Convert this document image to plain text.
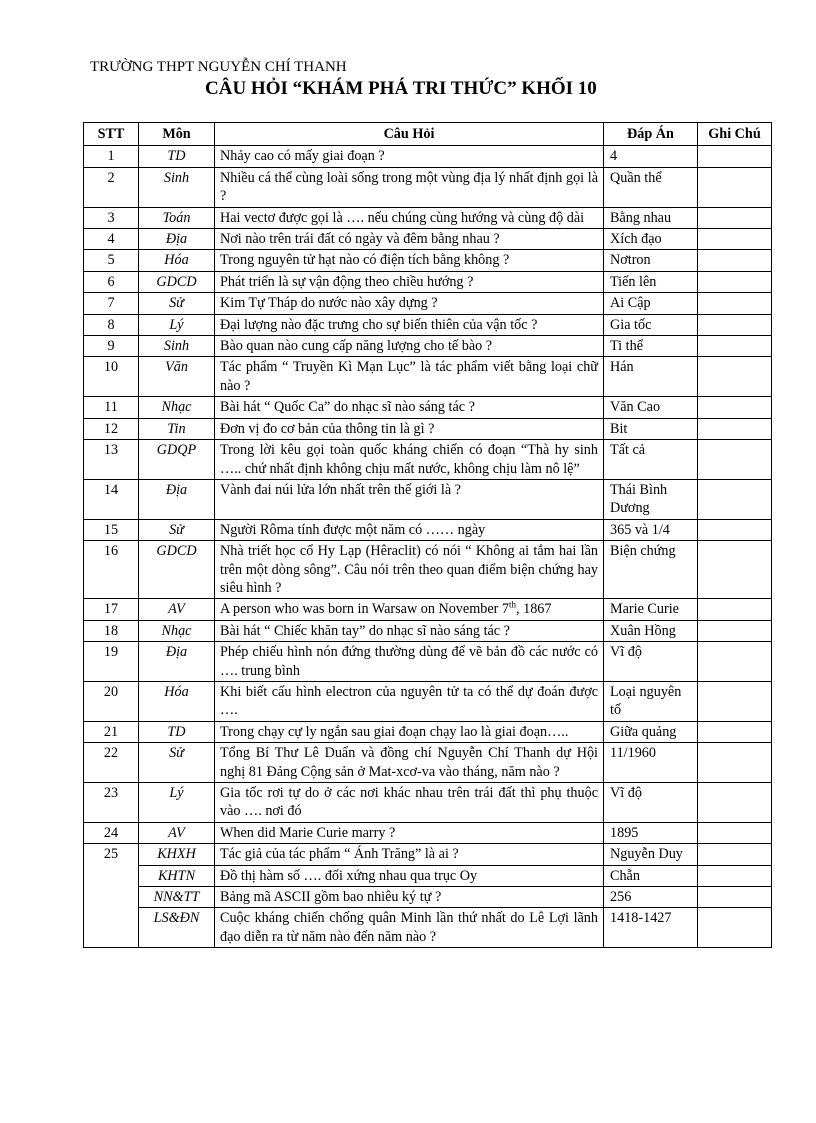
TRƯỜNG THPT NGUYỄN CHÍ THANH
CÂU HỎI “KHÁM PHÁ TRI THỨC” KHỐI 10
STT	Môn	Câu Hỏi	Đáp Án	Ghi Chú
1	TD	Nhảy cao có mấy giai đoạn ?	4	
2	Sinh	Nhiều cá thể cùng loài sống trong một vùng địa lý nhất định gọi là ?	Quần thể	
3	Toán	Hai vectơ được gọi là …. nếu chúng cùng hướng và cùng độ dài	Bằng nhau	
4	Địa	Nơi nào trên trái đất có ngày và đêm bằng nhau ?	Xích đạo	
5	Hóa	Trong nguyên tử hạt nào có điện tích bằng không ?	Nơtron	
6	GDCD	Phát triển là sự vận động theo chiều hướng ?	Tiến lên	
7	Sử	Kim Tự Tháp do nước nào xây dựng ?	Ai Cập	
8	Lý	Đại lượng nào đặc trưng cho sự biến thiên của vận tốc ?	Gia tốc	
9	Sinh	Bào quan nào cung cấp năng lượng cho tế bào ?	Ti thể	
10	Văn	Tác phẩm “ Truyền Kì Mạn Lục” là tác phẩm viết bằng loại chữ nào ?	Hán	
11	Nhạc	Bài hát “ Quốc Ca” do nhạc sĩ nào sáng tác ?	Văn Cao	
12	Tin	Đơn vị đo cơ bản của thông tin là gì ?	Bit	
13	GDQP	Trong lời kêu gọi toàn quốc kháng chiến có đoạn “Thà hy sinh ….. chứ nhất định không chịu mất nước, không chịu làm nô lệ”	Tất cả	
14	Địa	Vành đai núi lửa lớn nhất trên thế giới là ?	Thái Bình Dương	
15	Sử	Người Rôma tính được một năm có …… ngày	365 và 1/4	
16	GDCD	Nhà triết học cổ Hy Lạp (Hêraclit) có nói “ Không ai tắm hai lần trên một dòng sông”. Câu nói trên theo quan điểm biện chứng hay siêu hình ?	Biện chứng	
17	AV	A person who was born in Warsaw on November 7th, 1867	Marie Curie	
18	Nhạc	Bài hát “ Chiếc khăn tay” do nhạc sĩ nào sáng tác ?	Xuân Hồng	
19	Địa	Phép chiếu hình nón đứng thường dùng để vẽ bản đồ các nước có …. trung bình	Vĩ độ	
20	Hóa	Khi biết cấu hình electron của nguyên tử ta có thể dự đoán được ….	Loại nguyên tố	
21	TD	Trong chạy cự ly ngắn sau giai đoạn chạy lao là giai đoạn…..	Giữa quảng	
22	Sử	Tổng Bí Thư Lê Duẩn và đồng chí Nguyễn Chí Thanh dự Hội nghị 81 Đảng Cộng sản ở Mat-xcơ-va vào tháng, năm nào ?	11/1960	
23	Lý	Gia tốc rơi tự do ở các nơi khác nhau trên trái đất thì phụ thuộc vào …. nơi đó	Vĩ độ	
24	AV	When did Marie Curie marry ?	1895	
25	KHXH	Tác giả của tác phẩm “ Ánh Trăng” là ai ?	Nguyễn Duy	
	KHTN	Đồ thị hàm số …. đối xứng nhau qua trục Oy	Chẵn	
	NN&TT	Bảng mã ASCII gồm bao nhiêu ký tự ?	256	
	LS&ĐN	Cuộc kháng chiến chống quân Minh lần thứ nhất do Lê Lợi lãnh đạo diễn ra từ năm nào đến năm nào ?	1418-1427	
